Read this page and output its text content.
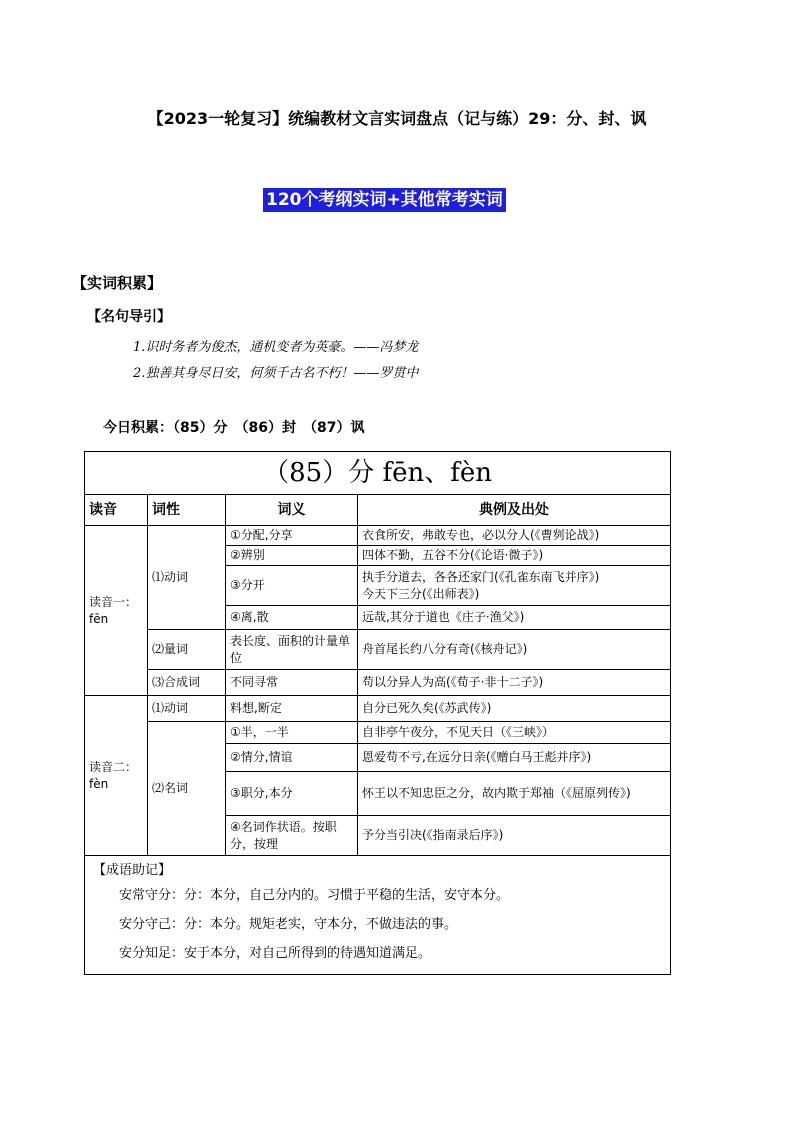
【2023一轮复习】统编教材文言实词盘点（记与练）29：分、封、讽
120个考纲实词+其他常考实词
【实词积累】
【名句导引】
1.识时务者为俊杰，通机变者为英豪。——冯梦龙
2.独善其身尽日安，何须千古名不朽！——罗贯中
今日积累：（85）分　（86）封　（87）讽
（85）分 fēn、fèn			
读音	词性	词义	典例及出处

读音一：
fēn	⑴动词	①分配,分享	衣食所安，弗敢专也，必以分人(《曹刿论战》)
		②辨别	四体不勤，五谷不分(《论语·微子》)
		③分开	执手分道去，各各还家门(《孔雀东南飞并序》)
今天下三分(《出师表》)
		④离,散	远哉,其分于道也《庄子·渔父》)
	⑵量词	表长度、面积的计量单位	舟首尾长约八分有奇(《核舟记》)
	⑶合成词	不同寻常	苟以分异人为高(《荀子·非十二子》)

读音二：
fèn	⑴动词	料想,断定	自分已死久矣(《苏武传》)
	⑵名词	①半，一半	自非亭午夜分，不见天日（《三峡》）
		②情分,情谊	恩爱苟不亏,在远分日亲(《赠白马王彪并序》)
		③职分,本分	怀王以不知忠臣之分，故内欺于郑袖（《屈原列传》)
		④名词作状语。按职分，按理	予分当引决(《指南录后序》)

【成语助记】
安常守分：分：本分，自己分内的。习惯于平稳的生活，安守本分。
安分守己：分：本分。规矩老实，守本分，不做违法的事。
安分知足：安于本分，对自己所得到的待遇知道满足。			
